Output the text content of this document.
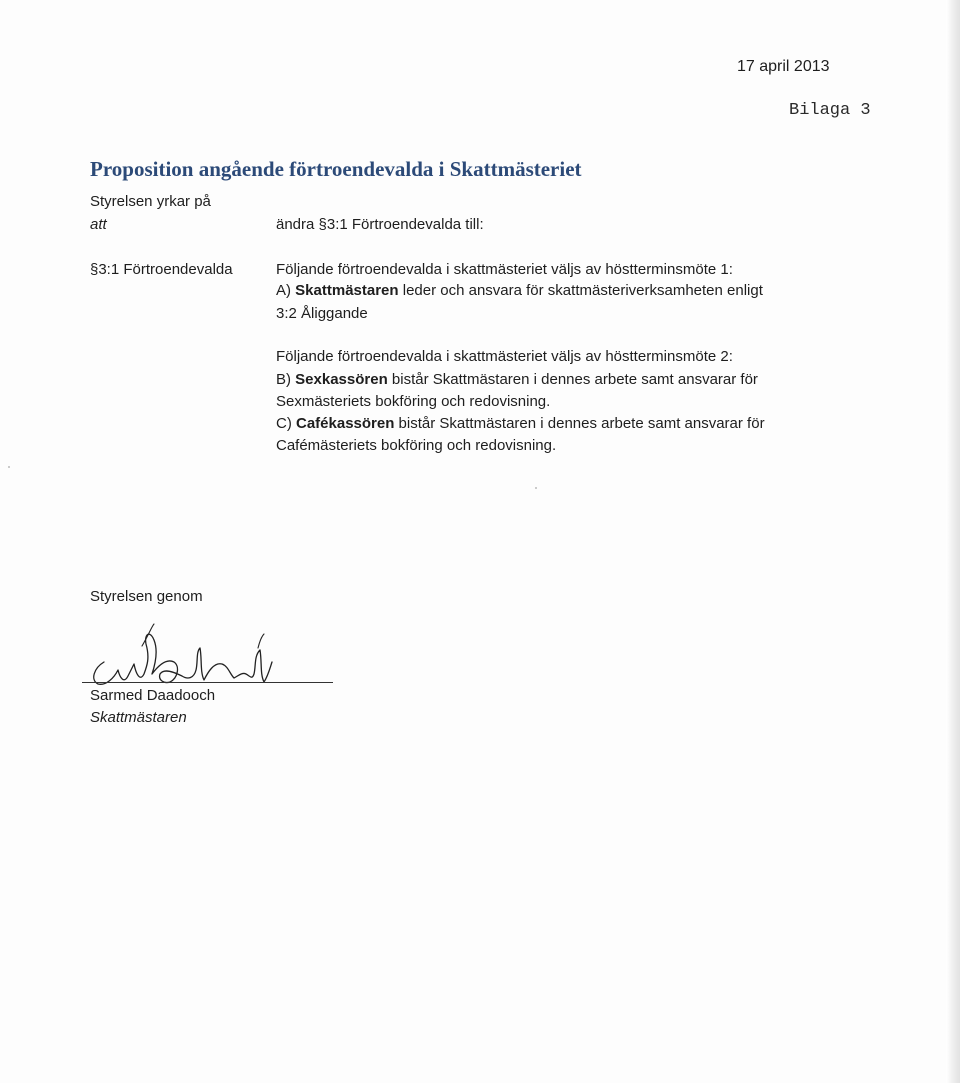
17 april 2013
Bilaga 3
Proposition angående förtroendevalda i Skattmästeriet
Styrelsen yrkar på
att	ändra §3:1 Förtroendevalda till:
§3:1 Förtroendevalda	Följande förtroendevalda i skattmästeriet väljs av höstterminsmöte 1:
A) Skattmästaren leder och ansvara för skattmästeriverksamheten enligt
3:2 Åliggande
Följande förtroendevalda i skattmästeriet väljs av höstterminsmöte 2:
B) Sexkassören bistår Skattmästaren i dennes arbete samt ansvarar för
Sexmästeriets bokföring och redovisning.
C) Cafékassören bistår Skattmästaren i dennes arbete samt ansvarar för
Cafémästeriets bokföring och redovisning.
Styrelsen genom
Sarmed Daadooch
Skattmästaren
